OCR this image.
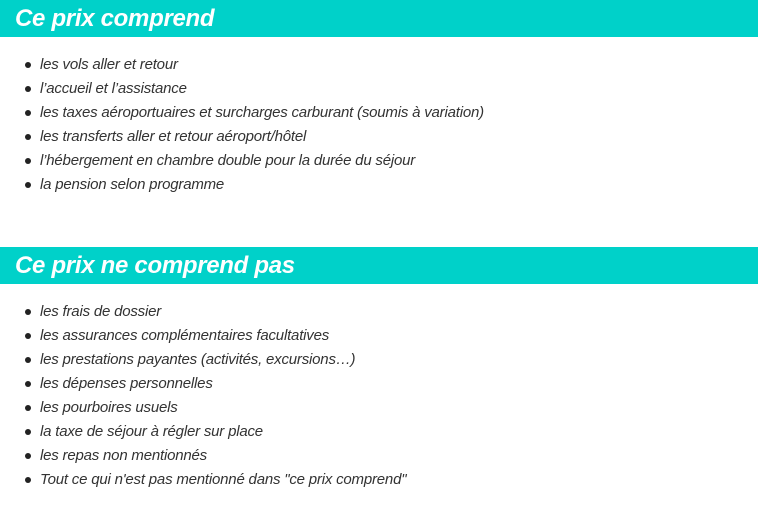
Ce prix comprend
les vols aller et retour
l’accueil et l’assistance
les taxes aéroportuaires et surcharges carburant (soumis à variation)
les transferts aller et retour aéroport/hôtel
l’hébergement en chambre double pour la durée du séjour
la pension selon programme
Ce prix ne comprend pas
les frais de dossier
les assurances complémentaires facultatives
les prestations payantes (activités, excursions…)
les dépenses personnelles
les pourboires usuels
la taxe de séjour à régler sur place
les repas non mentionnés
Tout ce qui n'est pas mentionné dans "ce prix comprend"
